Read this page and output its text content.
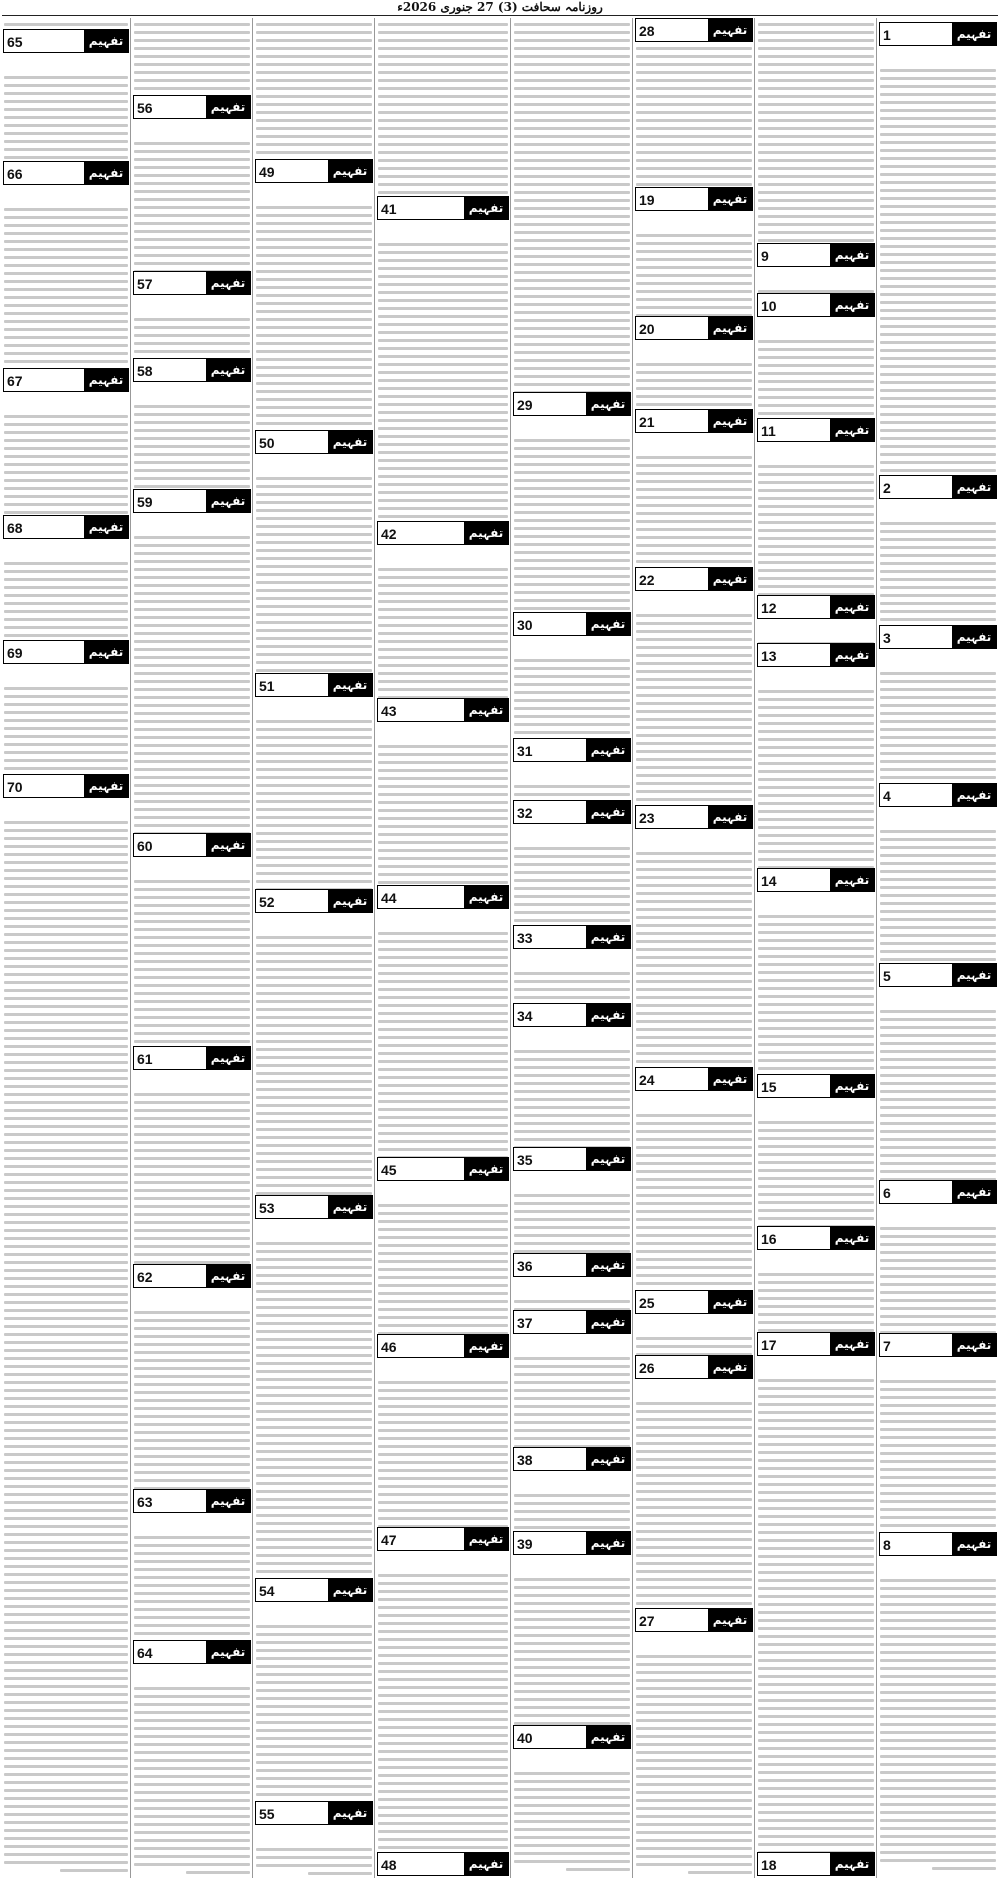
روزنامہ سحافت (3) 27 جنوری 2026ء
1	تفہیم
2	تفہیم
3	تفہیم
4	تفہیم
5	تفہیم
6	تفہیم
7	تفہیم
8	تفہیم
9	تفہیم
10	تفہیم
11	تفہیم
12	تفہیم
13	تفہیم
14	تفہیم
15	تفہیم
16	تفہیم
17	تفہیم
18	تفہیم
19	تفہیم
20	تفہیم
21	تفہیم
22	تفہیم
23	تفہیم
24	تفہیم
25	تفہیم
26	تفہیم
27	تفہیم
28	تفہیم
29	تفہیم
30	تفہیم
31	تفہیم
32	تفہیم
33	تفہیم
34	تفہیم
35	تفہیم
36	تفہیم
37	تفہیم
38	تفہیم
39	تفہیم
40	تفہیم
41	تفہیم
42	تفہیم
43	تفہیم
44	تفہیم
45	تفہیم
46	تفہیم
47	تفہیم
48	تفہیم
49	تفہیم
50	تفہیم
51	تفہیم
52	تفہیم
53	تفہیم
54	تفہیم
55	تفہیم
56	تفہیم
57	تفہیم
58	تفہیم
59	تفہیم
60	تفہیم
61	تفہیم
62	تفہیم
63	تفہیم
64	تفہیم
65	تفہیم
66	تفہیم
67	تفہیم
68	تفہیم
69	تفہیم
70	تفہیم
